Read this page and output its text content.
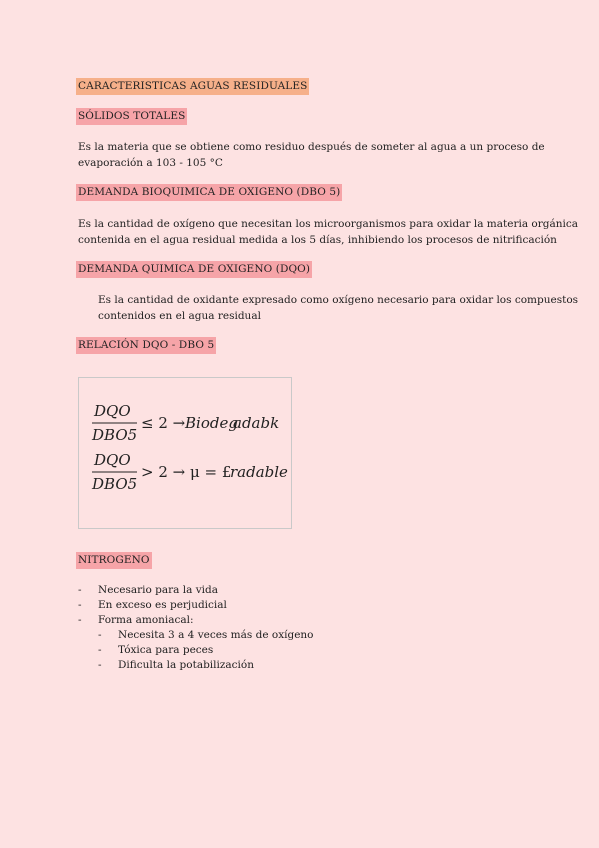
CARACTERISTICAS AGUAS RESIDUALES
SÓLIDOS TOTALES

Es la materia que se obtiene como residuo después de someter al agua a un proceso de

evaporación a 103 - 105 °C

DEMANDA BIOQUIMICA DE OXIGENO (DBO 5)

Es la cantidad de oxígeno que necesitan los microorganismos para oxidar la materia orgánica

contenida en el agua residual medida a los 5 días, inhibiendo los procesos de nitrificación

DEMANDA QUIMICA DE OXIGENO (DQO)

Es la cantidad de oxidante expresado como oxígeno necesario para oxidar los compuestos

contenidos en el agua residual

RELACIÓN DQO - DBO 5
DQO
DBO5
≤ 2 → Biodeg
adabk
DQO
DBO5
> 2 → μ = £
radable
NITROGENO
- Necesario para la vida
- En exceso es perjudicial
- Forma amoniacal:
- Necesita 3 a 4 veces más de oxígeno
- Tóxica para peces
- Dificulta la potabilización
